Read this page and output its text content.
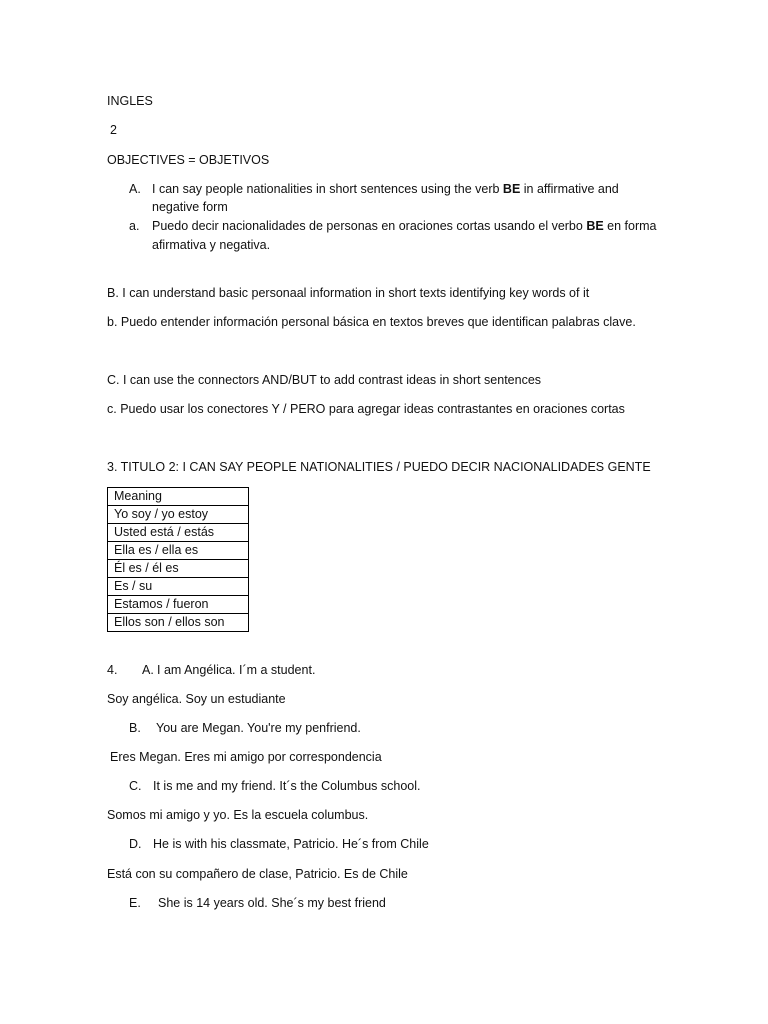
INGLES
2
OBJECTIVES = OBJETIVOS
A. I can say people nationalities in short sentences using the verb BE in affirmative and
negative form
a. Puedo decir nacionalidades de personas en oraciones cortas usando el verbo BE en forma
afirmativa y negativa.
B. I can understand basic personaal information in short texts identifying key words of it
b. Puedo entender información personal básica en textos breves que identifican palabras clave.
C. I can use the connectors AND/BUT to add contrast ideas in short sentences
c. Puedo usar los conectores Y / PERO para agregar ideas contrastantes en oraciones cortas
3. TITULO 2: I CAN SAY PEOPLE NATIONALITIES / PUEDO DECIR NACIONALIDADES GENTE
Meaning
Yo soy / yo estoy
Usted está / estás
Ella es / ella es
Él es / él es
Es / su
Estamos / fueron
Ellos son / ellos son
4. A. I am Angélica. I´m a student.
Soy angélica. Soy un estudiante
B. You are Megan. You're my penfriend.
Eres Megan. Eres mi amigo por correspondencia
C. It is me and my friend. It´s the Columbus school.
Somos mi amigo y yo. Es la escuela columbus.
D. He is with his classmate, Patricio. He´s from Chile
Está con su compañero de clase, Patricio. Es de Chile
E. She is 14 years old. She´s my best friend
